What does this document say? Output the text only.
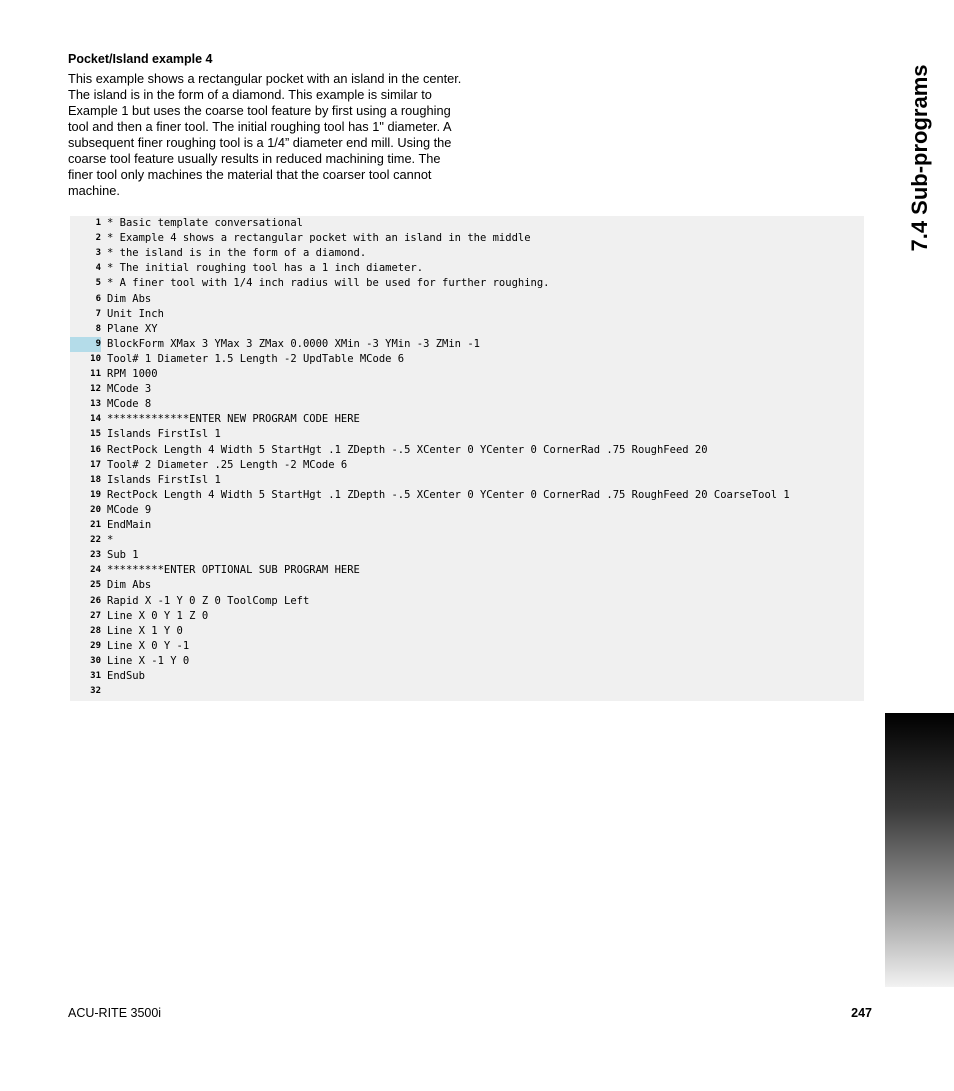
Pocket/Island example 4
This example shows a rectangular pocket with an island in the center.
The island is in the form of a diamond. This example is similar to
Example 1 but uses the coarse tool feature by first using a roughing
tool and then a finer tool. The initial roughing tool has 1" diameter. A
subsequent finer roughing tool is a 1/4” diameter end mill. Using the
coarse tool feature usually results in reduced machining time. The
finer tool only machines the material that the coarser tool cannot
machine.
1 * Basic template conversational
2 * Example 4 shows a rectangular pocket with an island in the middle
3 * the island is in the form of a diamond.
4 * The initial roughing tool has a 1 inch diameter.
5 * A finer tool with 1/4 inch radius will be used for further roughing.
6 Dim Abs
7 Unit Inch
8 Plane XY
9 BlockForm XMax 3 YMax 3 ZMax 0.0000 XMin -3 YMin -3 ZMin -1
10 Tool# 1 Diameter 1.5 Length -2 UpdTable MCode 6
11 RPM 1000
12 MCode 3
13 MCode 8
14 *************ENTER NEW PROGRAM CODE HERE
15 Islands FirstIsl 1
16 RectPock Length 4 Width 5 StartHgt .1 ZDepth -.5 XCenter 0 YCenter 0 CornerRad .75 RoughFeed 20
17 Tool# 2 Diameter .25 Length -2 MCode 6
18 Islands FirstIsl 1
19 RectPock Length 4 Width 5 StartHgt .1 ZDepth -.5 XCenter 0 YCenter 0 CornerRad .75 RoughFeed 20 CoarseTool 1
20 MCode 9
21 EndMain
22 *
23 Sub 1
24 *********ENTER OPTIONAL SUB PROGRAM HERE
25 Dim Abs
26 Rapid X -1 Y 0 Z 0 ToolComp Left
27 Line X 0 Y 1 Z 0
28 Line X 1 Y 0
29 Line X 0 Y -1
30 Line X -1 Y 0
31 EndSub
32
7.4 Sub-programs
ACU-RITE 3500i	247
